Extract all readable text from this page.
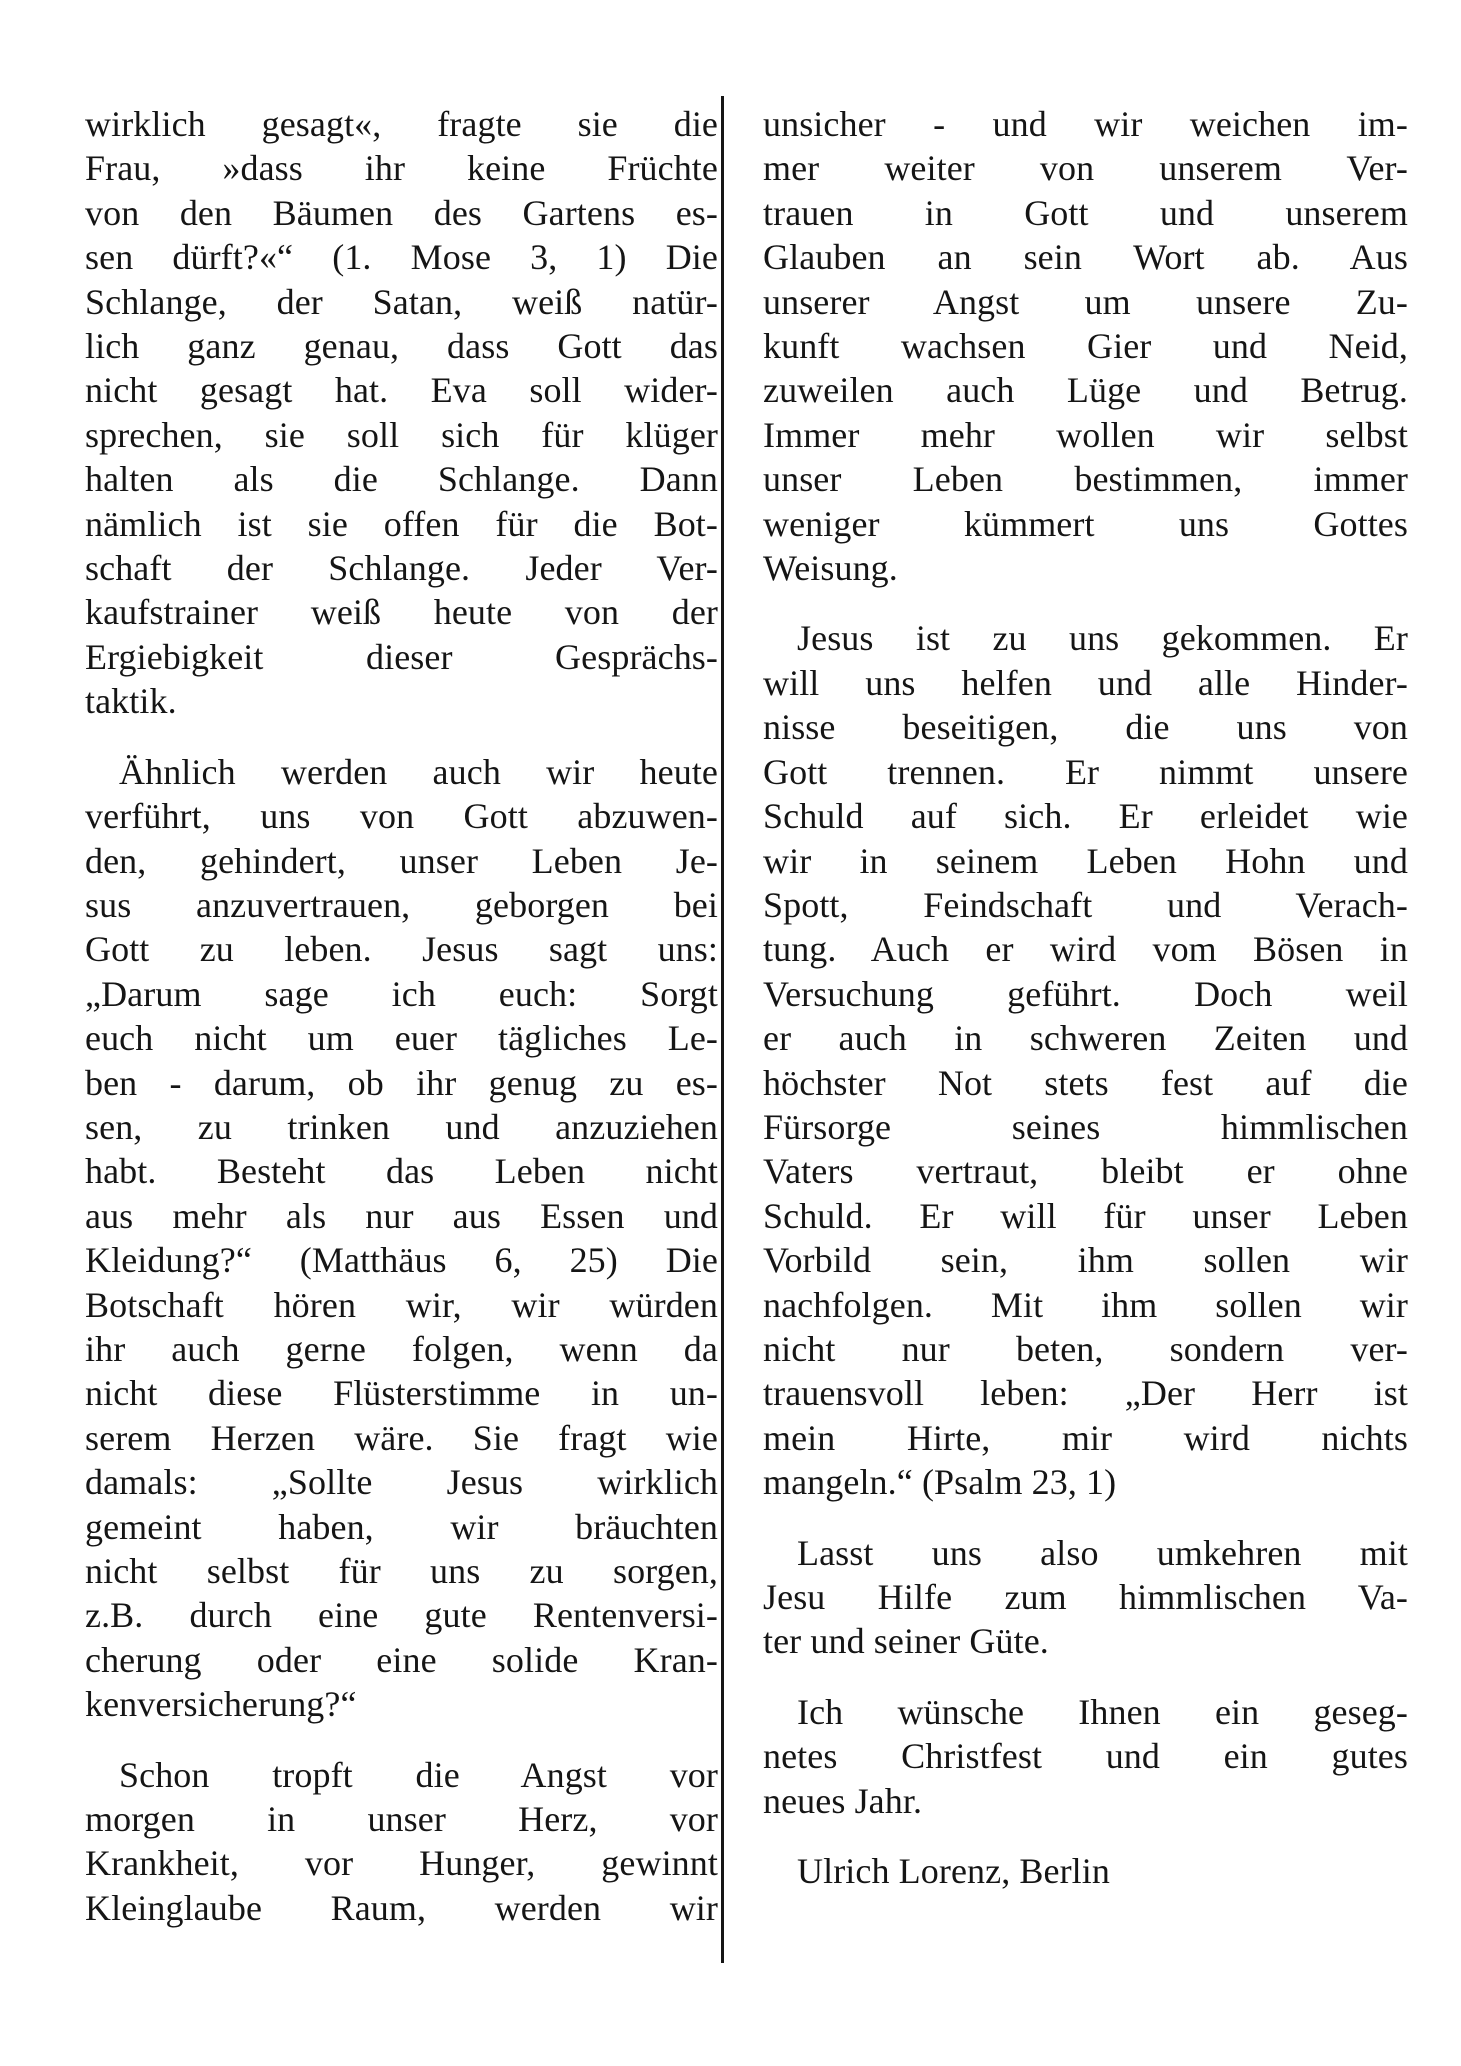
wirklich gesagt«, fragte sie die
Frau, »dass ihr keine Früchte
von den Bäumen des Gartens es-
sen dürft?«“ (1. Mose 3, 1) Die
Schlange, der Satan, weiß natür-
lich ganz genau, dass Gott das
nicht gesagt hat. Eva soll wider-
sprechen, sie soll sich für klüger
halten als die Schlange. Dann
nämlich ist sie offen für die Bot-
schaft der Schlange. Jeder Ver-
kaufstrainer weiß heute von der
Ergiebigkeit dieser Gesprächs-
taktik.
Ähnlich werden auch wir heute
verführt, uns von Gott abzuwen-
den, gehindert, unser Leben Je-
sus anzuvertrauen, geborgen bei
Gott zu leben. Jesus sagt uns:
„Darum sage ich euch: Sorgt
euch nicht um euer tägliches Le-
ben - darum, ob ihr genug zu es-
sen, zu trinken und anzuziehen
habt. Besteht das Leben nicht
aus mehr als nur aus Essen und
Kleidung?“ (Matthäus 6, 25) Die
Botschaft hören wir, wir würden
ihr auch gerne folgen, wenn da
nicht diese Flüsterstimme in un-
serem Herzen wäre. Sie fragt wie
damals: „Sollte Jesus wirklich
gemeint haben, wir bräuchten
nicht selbst für uns zu sorgen,
z.B. durch eine gute Rentenversi-
cherung oder eine solide Kran-
kenversicherung?“
Schon tropft die Angst vor
morgen in unser Herz, vor
Krankheit, vor Hunger, gewinnt
Kleinglaube Raum, werden wir
unsicher - und wir weichen im-
mer weiter von unserem Ver-
trauen in Gott und unserem
Glauben an sein Wort ab. Aus
unserer Angst um unsere Zu-
kunft wachsen Gier und Neid,
zuweilen auch Lüge und Betrug.
Immer mehr wollen wir selbst
unser Leben bestimmen, immer
weniger kümmert uns Gottes
Weisung.
Jesus ist zu uns gekommen. Er
will uns helfen und alle Hinder-
nisse beseitigen, die uns von
Gott trennen. Er nimmt unsere
Schuld auf sich. Er erleidet wie
wir in seinem Leben Hohn und
Spott, Feindschaft und Verach-
tung. Auch er wird vom Bösen in
Versuchung geführt. Doch weil
er auch in schweren Zeiten und
höchster Not stets fest auf die
Fürsorge seines himmlischen
Vaters vertraut, bleibt er ohne
Schuld. Er will für unser Leben
Vorbild sein, ihm sollen wir
nachfolgen. Mit ihm sollen wir
nicht nur beten, sondern ver-
trauensvoll leben: „Der Herr ist
mein Hirte, mir wird nichts
mangeln.“ (Psalm 23, 1)
Lasst uns also umkehren mit
Jesu Hilfe zum himmlischen Va-
ter und seiner Güte.
Ich wünsche Ihnen ein geseg-
netes Christfest und ein gutes
neues Jahr.
Ulrich Lorenz, Berlin
